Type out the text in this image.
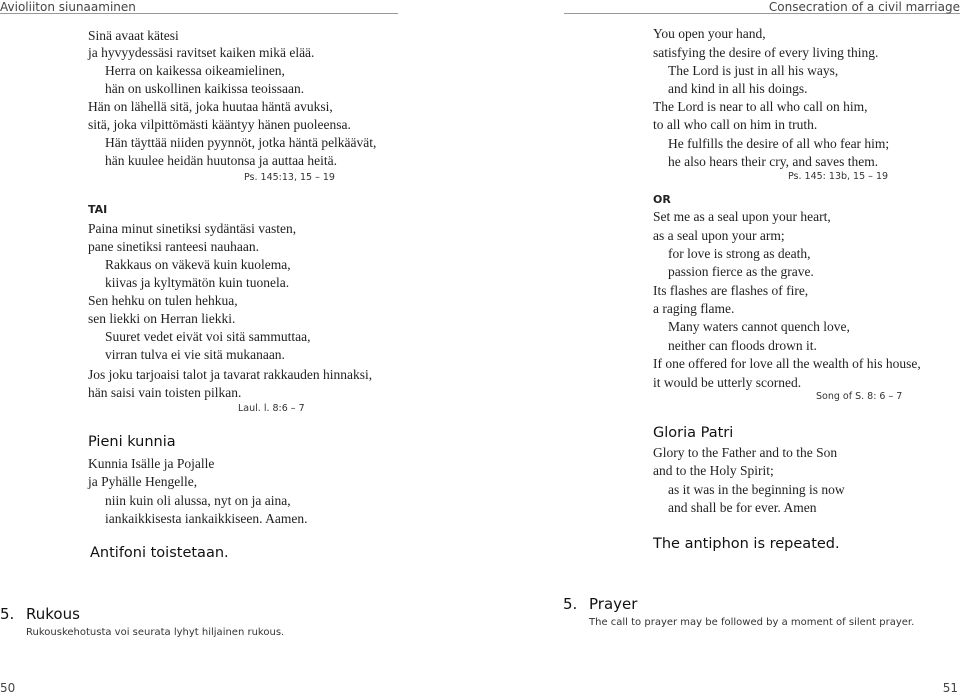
Avioliiton siunaaminen
Sinä avaat kätesi
ja hyvyydessäsi ravitset kaiken mikä elää.
Herra on kaikessa oikeamielinen,
hän on uskollinen kaikissa teoissaan.
Hän on lähellä sitä, joka huutaa häntä avuksi,
sitä, joka vilpittömästi kääntyy hänen puoleensa.
Hän täyttää niiden pyynnöt, jotka häntä pelkäävät,
hän kuulee heidän huutonsa ja auttaa heitä.
Ps. 145:13, 15 – 19
TAI
Paina minut sinetiksi sydäntäsi vasten,
pane sinetiksi ranteesi nauhaan.
Rakkaus on väkevä kuin kuolema,
kiivas ja kyltymätön kuin tuonela.
Sen hehku on tulen hehkua,
sen liekki on Herran liekki.
Suuret vedet eivät voi sitä sammuttaa,
virran tulva ei vie sitä mukanaan.
Jos joku tarjoaisi talot ja tavarat rakkauden hinnaksi,
hän saisi vain toisten pilkan.
Laul. l. 8:6 – 7
Pieni kunnia
Kunnia Isälle ja Pojalle
ja Pyhälle Hengelle,
niin kuin oli alussa, nyt on ja aina,
iankaikkisesta iankaikkiseen. Aamen.
Antifoni toistetaan.
5. Rukous
Rukouskehotusta voi seurata lyhyt hiljainen rukous.
50
Consecration of a civil marriage
You open your hand,
satisfying the desire of every living thing.
The Lord is just in all his ways,
and kind in all his doings.
The Lord is near to all who call on him,
to all who call on him in truth.
He fulfills the desire of all who fear him;
he also hears their cry, and saves them.
Ps. 145: 13b, 15 – 19
OR
Set me as a seal upon your heart,
as a seal upon your arm;
for love is strong as death,
passion fierce as the grave.
Its flashes are flashes of fire,
a raging flame.
Many waters cannot quench love,
neither can floods drown it.
If one offered for love all the wealth of his house,
it would be utterly scorned.
Song of S. 8: 6 – 7
Gloria Patri
Glory to the Father and to the Son
and to the Holy Spirit;
as it was in the beginning is now
and shall be for ever. Amen
The antiphon is repeated.
5. Prayer
The call to prayer may be followed by a moment of silent prayer.
51
